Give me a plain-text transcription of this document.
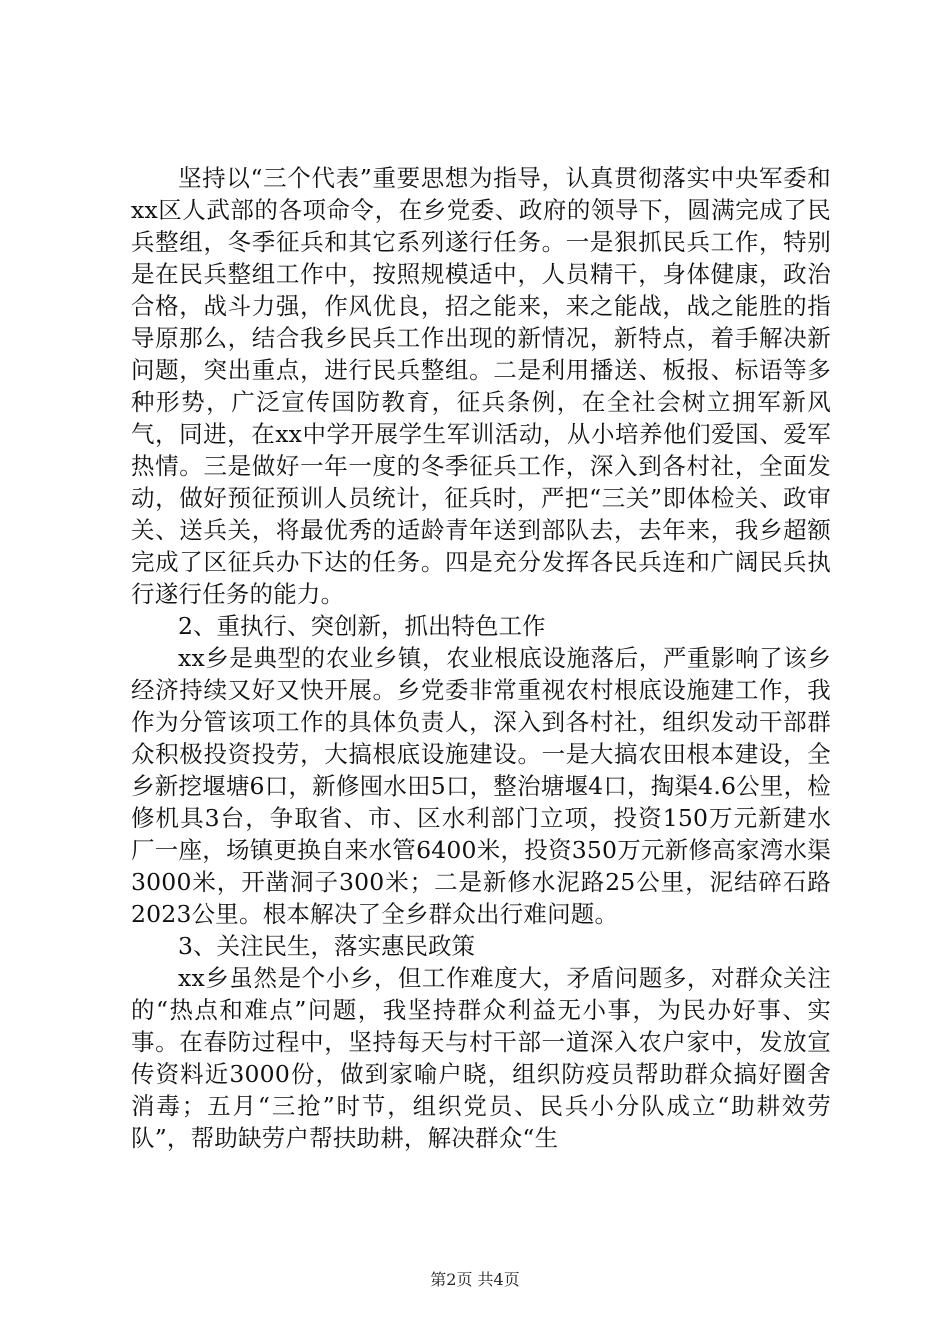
坚持以“三个代表”重要思想为指导，认真贯彻落实中央军委和xx区人武部的各项命令，在乡党委、政府的领导下，圆满完成了民兵整组，冬季征兵和其它系列遂行任务。一是狠抓民兵工作，特别是在民兵整组工作中，按照规模适中，人员精干，身体健康，政治合格，战斗力强，作风优良，招之能来，来之能战，战之能胜的指导原那么，结合我乡民兵工作出现的新情况，新特点，着手解决新问题，突出重点，进行民兵整组。二是利用播送、板报、标语等多种形势，广泛宣传国防教育，征兵条例，在全社会树立拥军新风气，同进，在xx中学开展学生军训活动，从小培养他们爱国、爱军热情。三是做好一年一度的冬季征兵工作，深入到各村社，全面发动，做好预征预训人员统计，征兵时，严把“三关”即体检关、政审关、送兵关，将最优秀的适龄青年送到部队去，去年来，我乡超额完成了区征兵办下达的任务。四是充分发挥各民兵连和广阔民兵执行遂行任务的能力。

2、重执行、突创新，抓出特色工作

xx乡是典型的农业乡镇，农业根底设施落后，严重影响了该乡经济持续又好又快开展。乡党委非常重视农村根底设施建工作，我作为分管该项工作的具体负责人，深入到各村社，组织发动干部群众积极投资投劳，大搞根底设施建设。一是大搞农田根本建设，全乡新挖堰塘6口，新修囤水田5口，整治塘堰4口，掏渠4.6公里，检修机具3台，争取省、市、区水利部门立项，投资150万元新建水厂一座，场镇更换自来水管6400米，投资350万元新修高家湾水渠3000米，开凿洞子300米；二是新修水泥路25公里，泥结碎石路2023公里。根本解决了全乡群众出行难问题。

3、关注民生，落实惠民政策

xx乡虽然是个小乡，但工作难度大，矛盾问题多，对群众关注的“热点和难点”问题，我坚持群众利益无小事，为民办好事、实事。在春防过程中，坚持每天与村干部一道深入农户家中，发放宣传资料近3000份，做到家喻户晓，组织防疫员帮助群众搞好圈舍消毒；五月“三抢”时节，组织党员、民兵小分队成立“助耕效劳队”，帮助缺劳户帮扶助耕，解决群众“生

第2页 共4页
